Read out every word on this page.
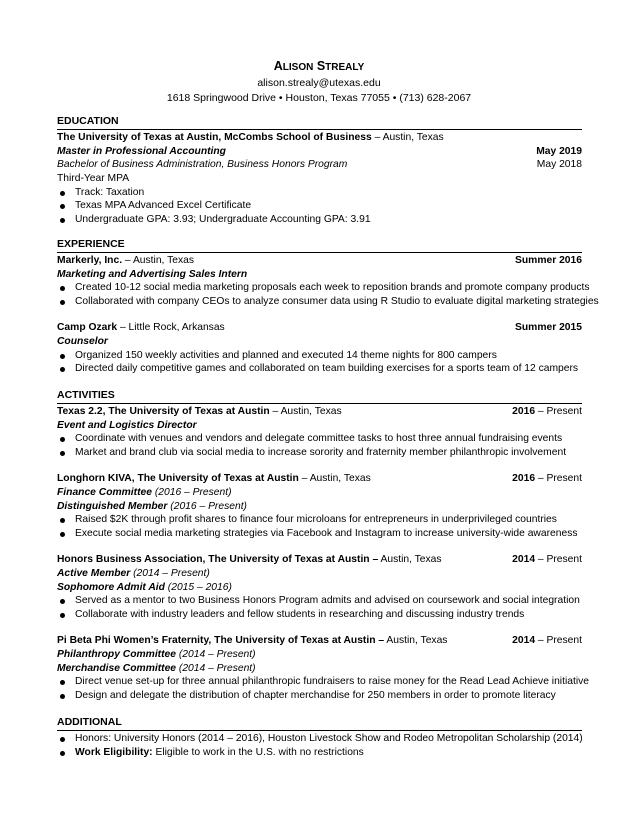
ALISON STREALY
alison.strealy@utexas.edu
1618 Springwood Drive • Houston, Texas 77055 • (713) 628-2067
EDUCATION
The University of Texas at Austin, McCombs School of Business – Austin, Texas
Master in Professional Accounting	May 2019
Bachelor of Business Administration, Business Honors Program	May 2018
Third-Year MPA
Track: Taxation
Texas MPA Advanced Excel Certificate
Undergraduate GPA: 3.93; Undergraduate Accounting GPA: 3.91
EXPERIENCE
Markerly, Inc. – Austin, Texas	Summer 2016
Marketing and Advertising Sales Intern
Created 10-12 social media marketing proposals each week to reposition brands and promote company products
Collaborated with company CEOs to analyze consumer data using R Studio to evaluate digital marketing strategies
Camp Ozark – Little Rock, Arkansas	Summer 2015
Counselor
Organized 150 weekly activities and planned and executed 14 theme nights for 800 campers
Directed daily competitive games and collaborated on team building exercises for a sports team of 12 campers
ACTIVITIES
Texas 2.2, The University of Texas at Austin – Austin, Texas	2016 – Present
Event and Logistics Director
Coordinate with venues and vendors and delegate committee tasks to host three annual fundraising events
Market and brand club via social media to increase sorority and fraternity member philanthropic involvement
Longhorn KIVA, The University of Texas at Austin – Austin, Texas	2016 – Present
Finance Committee (2016 – Present)
Distinguished Member (2016 – Present)
Raised $2K through profit shares to finance four microloans for entrepreneurs in underprivileged countries
Execute social media marketing strategies via Facebook and Instagram to increase university-wide awareness
Honors Business Association, The University of Texas at Austin – Austin, Texas	2014 – Present
Active Member (2014 – Present)
Sophomore Admit Aid (2015 – 2016)
Served as a mentor to two Business Honors Program admits and advised on coursework and social integration
Collaborate with industry leaders and fellow students in researching and discussing industry trends
Pi Beta Phi Women’s Fraternity, The University of Texas at Austin – Austin, Texas	2014 – Present
Philanthropy Committee (2014 – Present)
Merchandise Committee (2014 – Present)
Direct venue set-up for three annual philanthropic fundraisers to raise money for the Read Lead Achieve initiative
Design and delegate the distribution of chapter merchandise for 250 members in order to promote literacy
ADDITIONAL
Honors: University Honors (2014 – 2016), Houston Livestock Show and Rodeo Metropolitan Scholarship (2014)
Work Eligibility: Eligible to work in the U.S. with no restrictions
